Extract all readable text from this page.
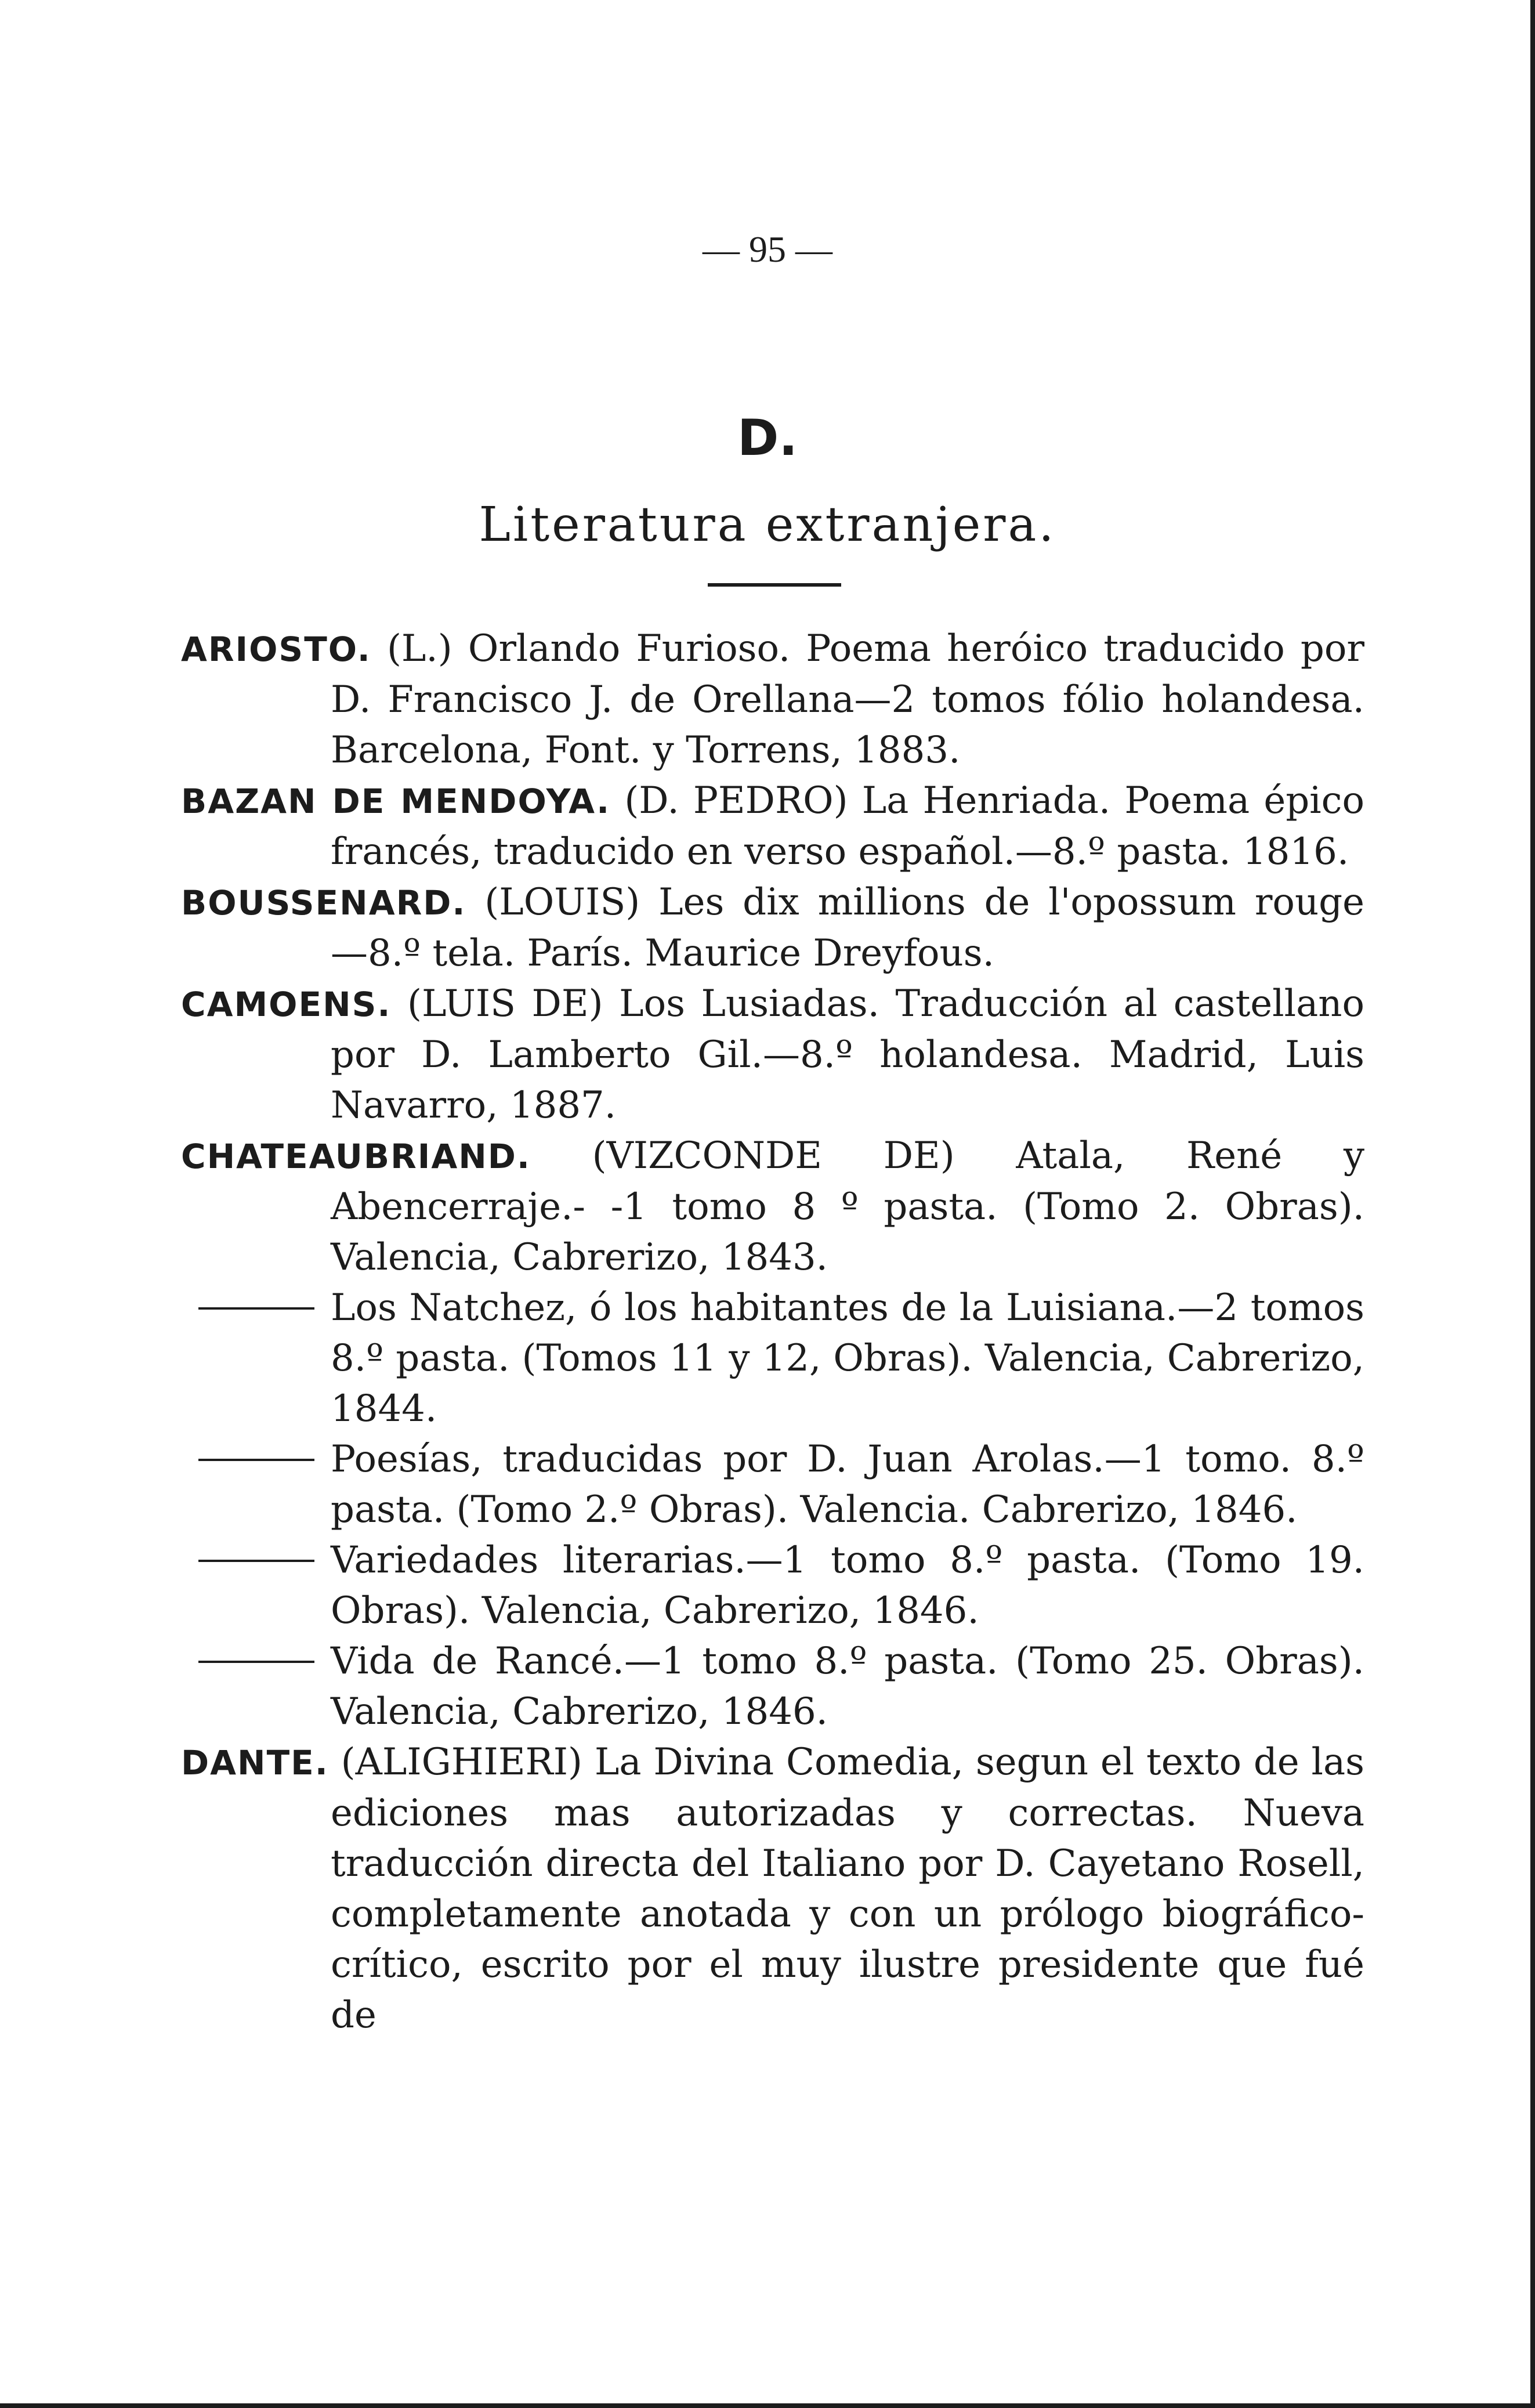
— 95 —
D.
Literatura extranjera.

ARIOSTO. (L.) Orlando Furioso. Poema heróico traducido por D. Francisco J. de Orellana—2 tomos fólio holandesa. Barcelona, Font. y Torrens, 1883.

BAZAN DE MENDOYA. (D. PEDRO) La Henriada. Poema épico francés, traducido en verso español.—8.º pasta. 1816.

BOUSSENARD. (LOUIS) Les dix millions de l'opossum rouge —8.º tela. París. Maurice Dreyfous.

CAMOENS. (LUIS DE) Los Lusiadas. Traducción al castellano por D. Lamberto Gil.—8.º holandesa. Madrid, Luis Navarro, 1887.

CHATEAUBRIAND. (VIZCONDE DE) Atala, René y Abencerraje.- -1 tomo 8 º pasta. (Tomo 2. Obras). Valencia, Cabrerizo, 1843.

Los Natchez, ó los habitantes de la Luisiana.—2 tomos 8.º pasta. (Tomos 11 y 12, Obras). Valencia, Cabrerizo, 1844.

Poesías, traducidas por D. Juan Arolas.—1 tomo. 8.º pasta. (Tomo 2.º Obras). Valencia. Cabrerizo, 1846.

Variedades literarias.—1 tomo 8.º pasta. (Tomo 19. Obras). Valencia, Cabrerizo, 1846.

Vida de Rancé.—1 tomo 8.º pasta. (Tomo 25. Obras). Valencia, Cabrerizo, 1846.

DANTE. (ALIGHIERI) La Divina Comedia, segun el texto de las ediciones mas autorizadas y correctas. Nueva traducción directa del Italiano por D. Cayetano Rosell, completamente anotada y con un prólogo biográfico-crítico, escrito por el muy ilustre presidente que fué de
